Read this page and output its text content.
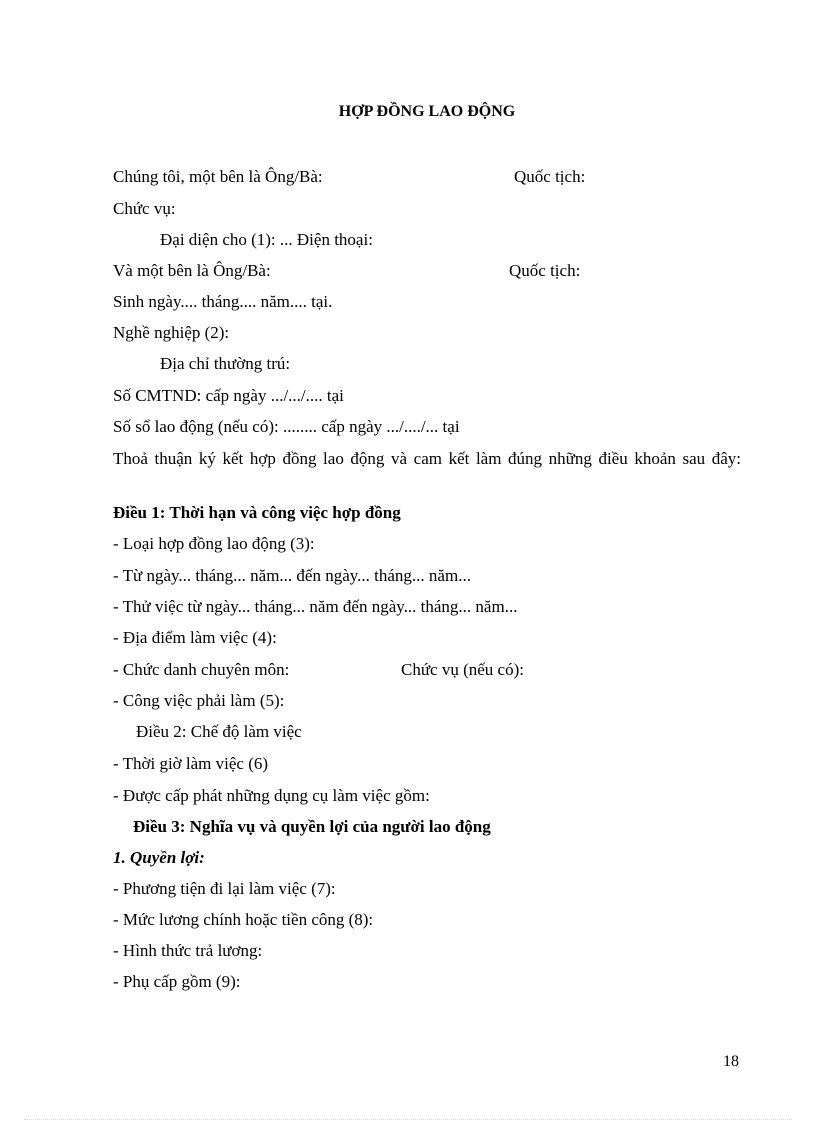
HỢP ĐỒNG LAO ĐỘNG
Chúng tôi, một bên là Ông/Bà:	Quốc tịch:
Chức vụ:
Đại diện cho (1): ... Điện thoại:
Và một bên là Ông/Bà:	Quốc tịch:
Sinh ngày.... tháng.... năm.... tại.
Nghề nghiệp (2):
Địa chỉ thường trú:
Số CMTND: cấp ngày .../.../.... tại
Số sổ lao động (nếu có): ........ cấp ngày .../..../... tại
Thoả thuận ký kết hợp đồng lao động và cam kết làm đúng những điều khoản sau đây:
Điều 1: Thời hạn và công việc hợp đồng
- Loại hợp đồng lao động (3):
- Từ ngày... tháng... năm... đến ngày... tháng... năm...
- Thử việc từ ngày... tháng... năm đến ngày... tháng... năm...
- Địa điểm làm việc (4):
- Chức danh chuyên môn:	Chức vụ (nếu có):
- Công việc phải làm (5):
Điều 2: Chế độ làm việc
- Thời giờ làm việc (6)
- Được cấp phát những dụng cụ làm việc gồm:
Điều 3: Nghĩa vụ và quyền lợi của người lao động
1. Quyền lợi:
- Phương tiện đi lại làm việc (7):
- Mức lương chính hoặc tiền công (8):
- Hình thức trả lương:
- Phụ cấp gồm (9):
18
